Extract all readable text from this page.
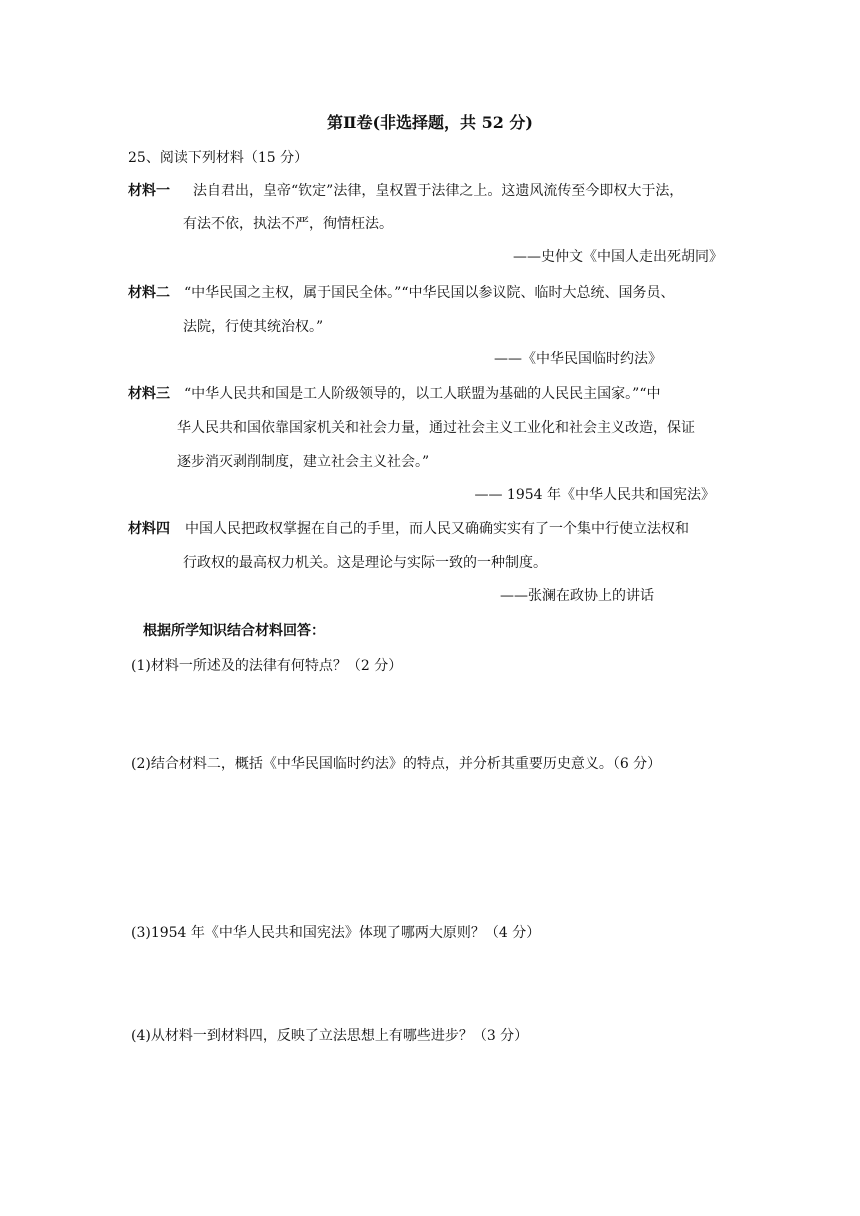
第Ⅱ卷(非选择题，共 52 分)
25、阅读下列材料（15 分）
材料一 法自君出，皇帝“钦定”法律，皇权置于法律之上。这遗风流传至今即权大于法，
有法不依，执法不严，徇情枉法。
——史仲文《中国人走出死胡同》
材料二 “中华民国之主权，属于国民全体。”“中华民国以参议院、临时大总统、国务员、
法院，行使其统治权。”
——《中华民国临时约法》
材料三 “中华人民共和国是工人阶级领导的，以工人联盟为基础的人民民主国家。”“中
华人民共和国依靠国家机关和社会力量，通过社会主义工业化和社会主义改造，保证
逐步消灭剥削制度，建立社会主义社会。”
—— 1954 年《中华人民共和国宪法》
材料四 中国人民把政权掌握在自己的手里，而人民又确确实实有了一个集中行使立法权和
行政权的最高权力机关。这是理论与实际一致的一种制度。
——张澜在政协上的讲话
根据所学知识结合材料回答：
(1)材料一所述及的法律有何特点？（2 分）
(2)结合材料二，概括《中华民国临时约法》的特点，并分析其重要历史意义。（6 分）
(3)1954 年《中华人民共和国宪法》体现了哪两大原则？（4 分）
(4)从材料一到材料四，反映了立法思想上有哪些进步？（3 分）
